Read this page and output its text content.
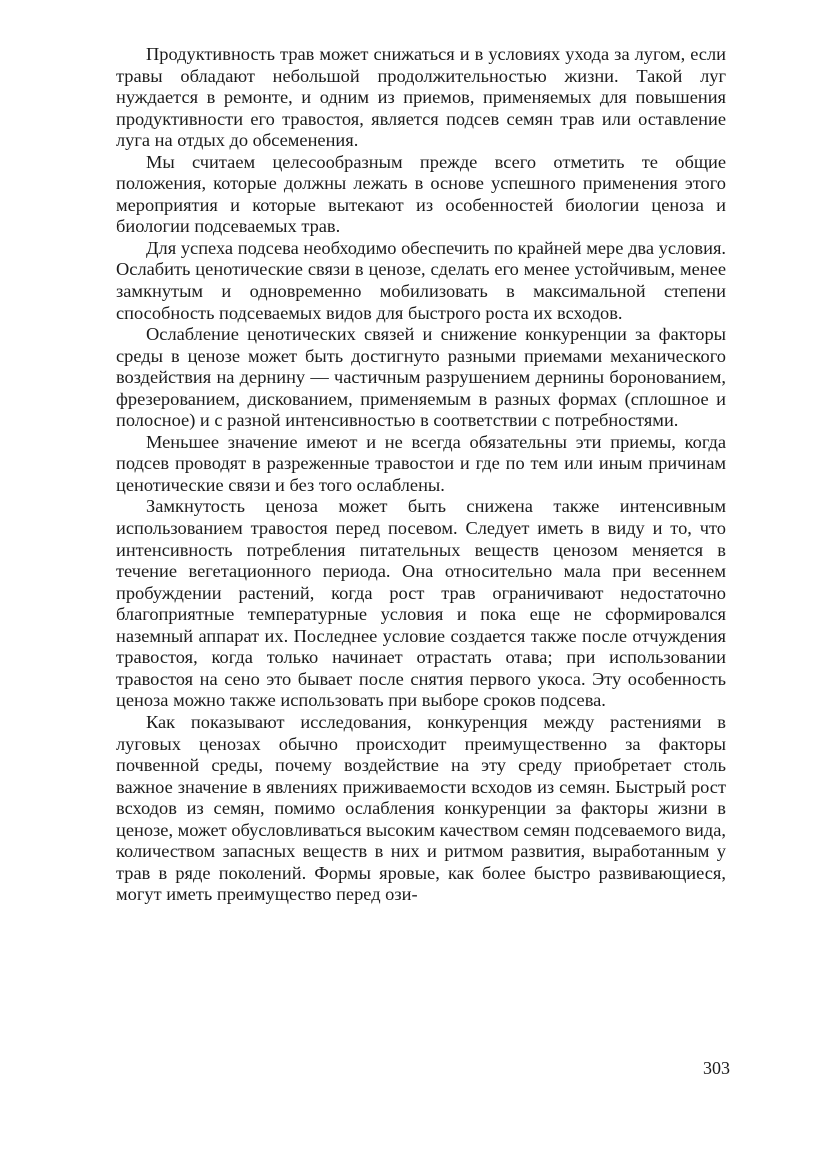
Продуктивность трав может снижаться и в условиях ухода за лугом, если травы обладают небольшой продолжительностью жизни. Такой луг нуждается в ремонте, и одним из приемов, применяемых для повышения продуктивности его травостоя, является подсев семян трав или оставление луга на отдых до обсеменения.

Мы считаем целесообразным прежде всего отметить те общие положения, которые должны лежать в основе успешного применения этого мероприятия и которые вытекают из особенностей биологии ценоза и биологии подсеваемых трав.

Для успеха подсева необходимо обеспечить по крайней мере два условия. Ослабить ценотические связи в ценозе, сделать его менее устойчивым, менее замкнутым и одновременно мобилизовать в максимальной степени способность подсеваемых видов для быстрого роста их всходов.

Ослабление ценотических связей и снижение конкуренции за факторы среды в ценозе может быть достигнуто разными приемами механического воздействия на дернину — частичным разрушением дернины боронованием, фрезерованием, дискованием, применяемым в разных формах (сплошное и полосное) и с разной интенсивностью в соответствии с потребностями.

Меньшее значение имеют и не всегда обязательны эти приемы, когда подсев проводят в разреженные травостои и где по тем или иным причинам ценотические связи и без того ослаблены.

Замкнутость ценоза может быть снижена также интенсивным использованием травостоя перед посевом. Следует иметь в виду и то, что интенсивность потребления питательных веществ ценозом меняется в течение вегетационного периода. Она относительно мала при весеннем пробуждении растений, когда рост трав ограничивают недостаточно благоприятные температурные условия и пока еще не сформировался наземный аппарат их. Последнее условие создается также после отчуждения травостоя, когда только начинает отрастать отава; при использовании травостоя на сено это бывает после снятия первого укоса. Эту особенность ценоза можно также использовать при выборе сроков подсева.

Как показывают исследования, конкуренция между растениями в луговых ценозах обычно происходит преимущественно за факторы почвенной среды, почему воздействие на эту среду приобретает столь важное значение в явлениях приживаемости всходов из семян. Быстрый рост всходов из семян, помимо ослабления конкуренции за факторы жизни в ценозе, может обусловливаться высоким качеством семян подсеваемого вида, количеством запасных веществ в них и ритмом развития, выработанным у трав в ряде поколений. Формы яровые, как более быстро развивающиеся, могут иметь преимущество перед ози-

303
